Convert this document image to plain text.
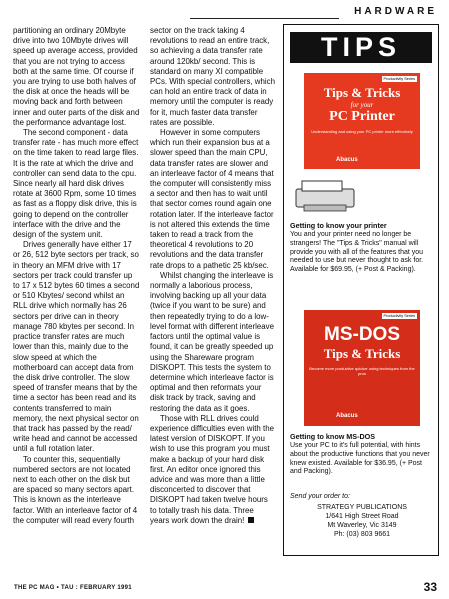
HARDWARE

partitioning an ordinary 20Mbyte drive into two 10Mbyte drives will speed up average access, provided that you are not trying to access both at the same time. Of course if you are trying to use both halves of the disk at once the heads will be moving back and forth between inner and outer parts of the disk and the performance advantage lost.

The second component - data transfer rate - has much more effect on the time taken to read large files. It is the rate at which the drive and controller can send data to the cpu. Since nearly all hard disk drives rotate at 3600 Rpm, some 10 times as fast as a floppy disk drive, this is going to depend on the controller interface with the drive and the design of the system unit.

Drives generally have either 17 or 26, 512 byte sectors per track, so in theory an MFM drive with 17 sectors per track could transfer up to 17 x 512 bytes 60 times a second or 510 Kbytes/ second whilst an RLL drive which normally has 26 sectors per drive can in theory manage 780 kbytes per second. In practice transfer rates are much lower than this, mainly due to the slow speed at which the motherboard can accept data from the disk drive controller. The slow speed of transfer means that by the time a sector has been read and its contents transferred to main memory, the next physical sector on that track has passed by the read/ write head and cannot be accessed until a full rotation later.

To counter this, sequentially numbered sectors are not located next to each other on the disk but are spaced so many sectors apart. This is known as the interleave factor. With an interleave factor of 4 the computer will read every fourth

sector on the track taking 4 revolutions to read an entire track, so achieving a data transfer rate around 120kb/ second. This is standard on many XI compatible PCs. With special controllers, which can hold an entire track of data in memory until the computer is ready for it, much faster data transfer rates are possible.

However in some computers which run their expansion bus at a slower speed than the main CPU, data transfer rates are slower and an interleave factor of 4 means that the computer will consistently miss a sector and then has to wait until that sector comes round again one rotation later. If the interleave factor is not altered this extends the time taken to read a track from the theoretical 4 revolutions to 20 revolutions and the data transfer rate drops to a pathetic 25 kb/sec.

Whilst changing the interleave is normally a laborious process, involving backing up all your data (twice if you want to be sure) and then repeatedly trying to do a low-level format with different interleave factors until the optimal value is found, it can be greatly speeded up using the Shareware program DISKOPT. This tests the system to determine which interleave factor is optimal and then reformats your disk track by track, saving and restoring the data as it goes.

Those with RLL drives could experience difficulties even with the latest version of DISKOPT. If you wish to use this program you must make a backup of your hard disk first. An editor once ignored this advice and was more than a little disconcerted to discover that DISKOPT had taken twelve hours to totally trash his data. Three years work down the drain!

TIPS
Productivity Series
Tips & Tricks
for your
PC Printer
Understanding and using your PC printer more effectively
Abacus
Getting to know your printer
You and your printer need no longer be strangers! The "Tips & Tricks" manual will provide you with all of the features that you needed to use but never thought to ask for. Available for $69.95, (+ Post & Packing).
Productivity Series
MS-DOS
Tips & Tricks
Become more productive quicker using techniques from the pros
Abacus
Getting to know MS-DOS
Use your PC to it's full potential, with hints about the productive functions that you never knew existed. Available for $36.95, (+ Post and Packing).
Send your order to:
STRATEGY PUBLICATIONS
1/641 High Street Road
Mt Waverley, Vic 3149
Ph: (03) 803 9661
THE PC MAG • TAU : FEBRUARY 1991	33
